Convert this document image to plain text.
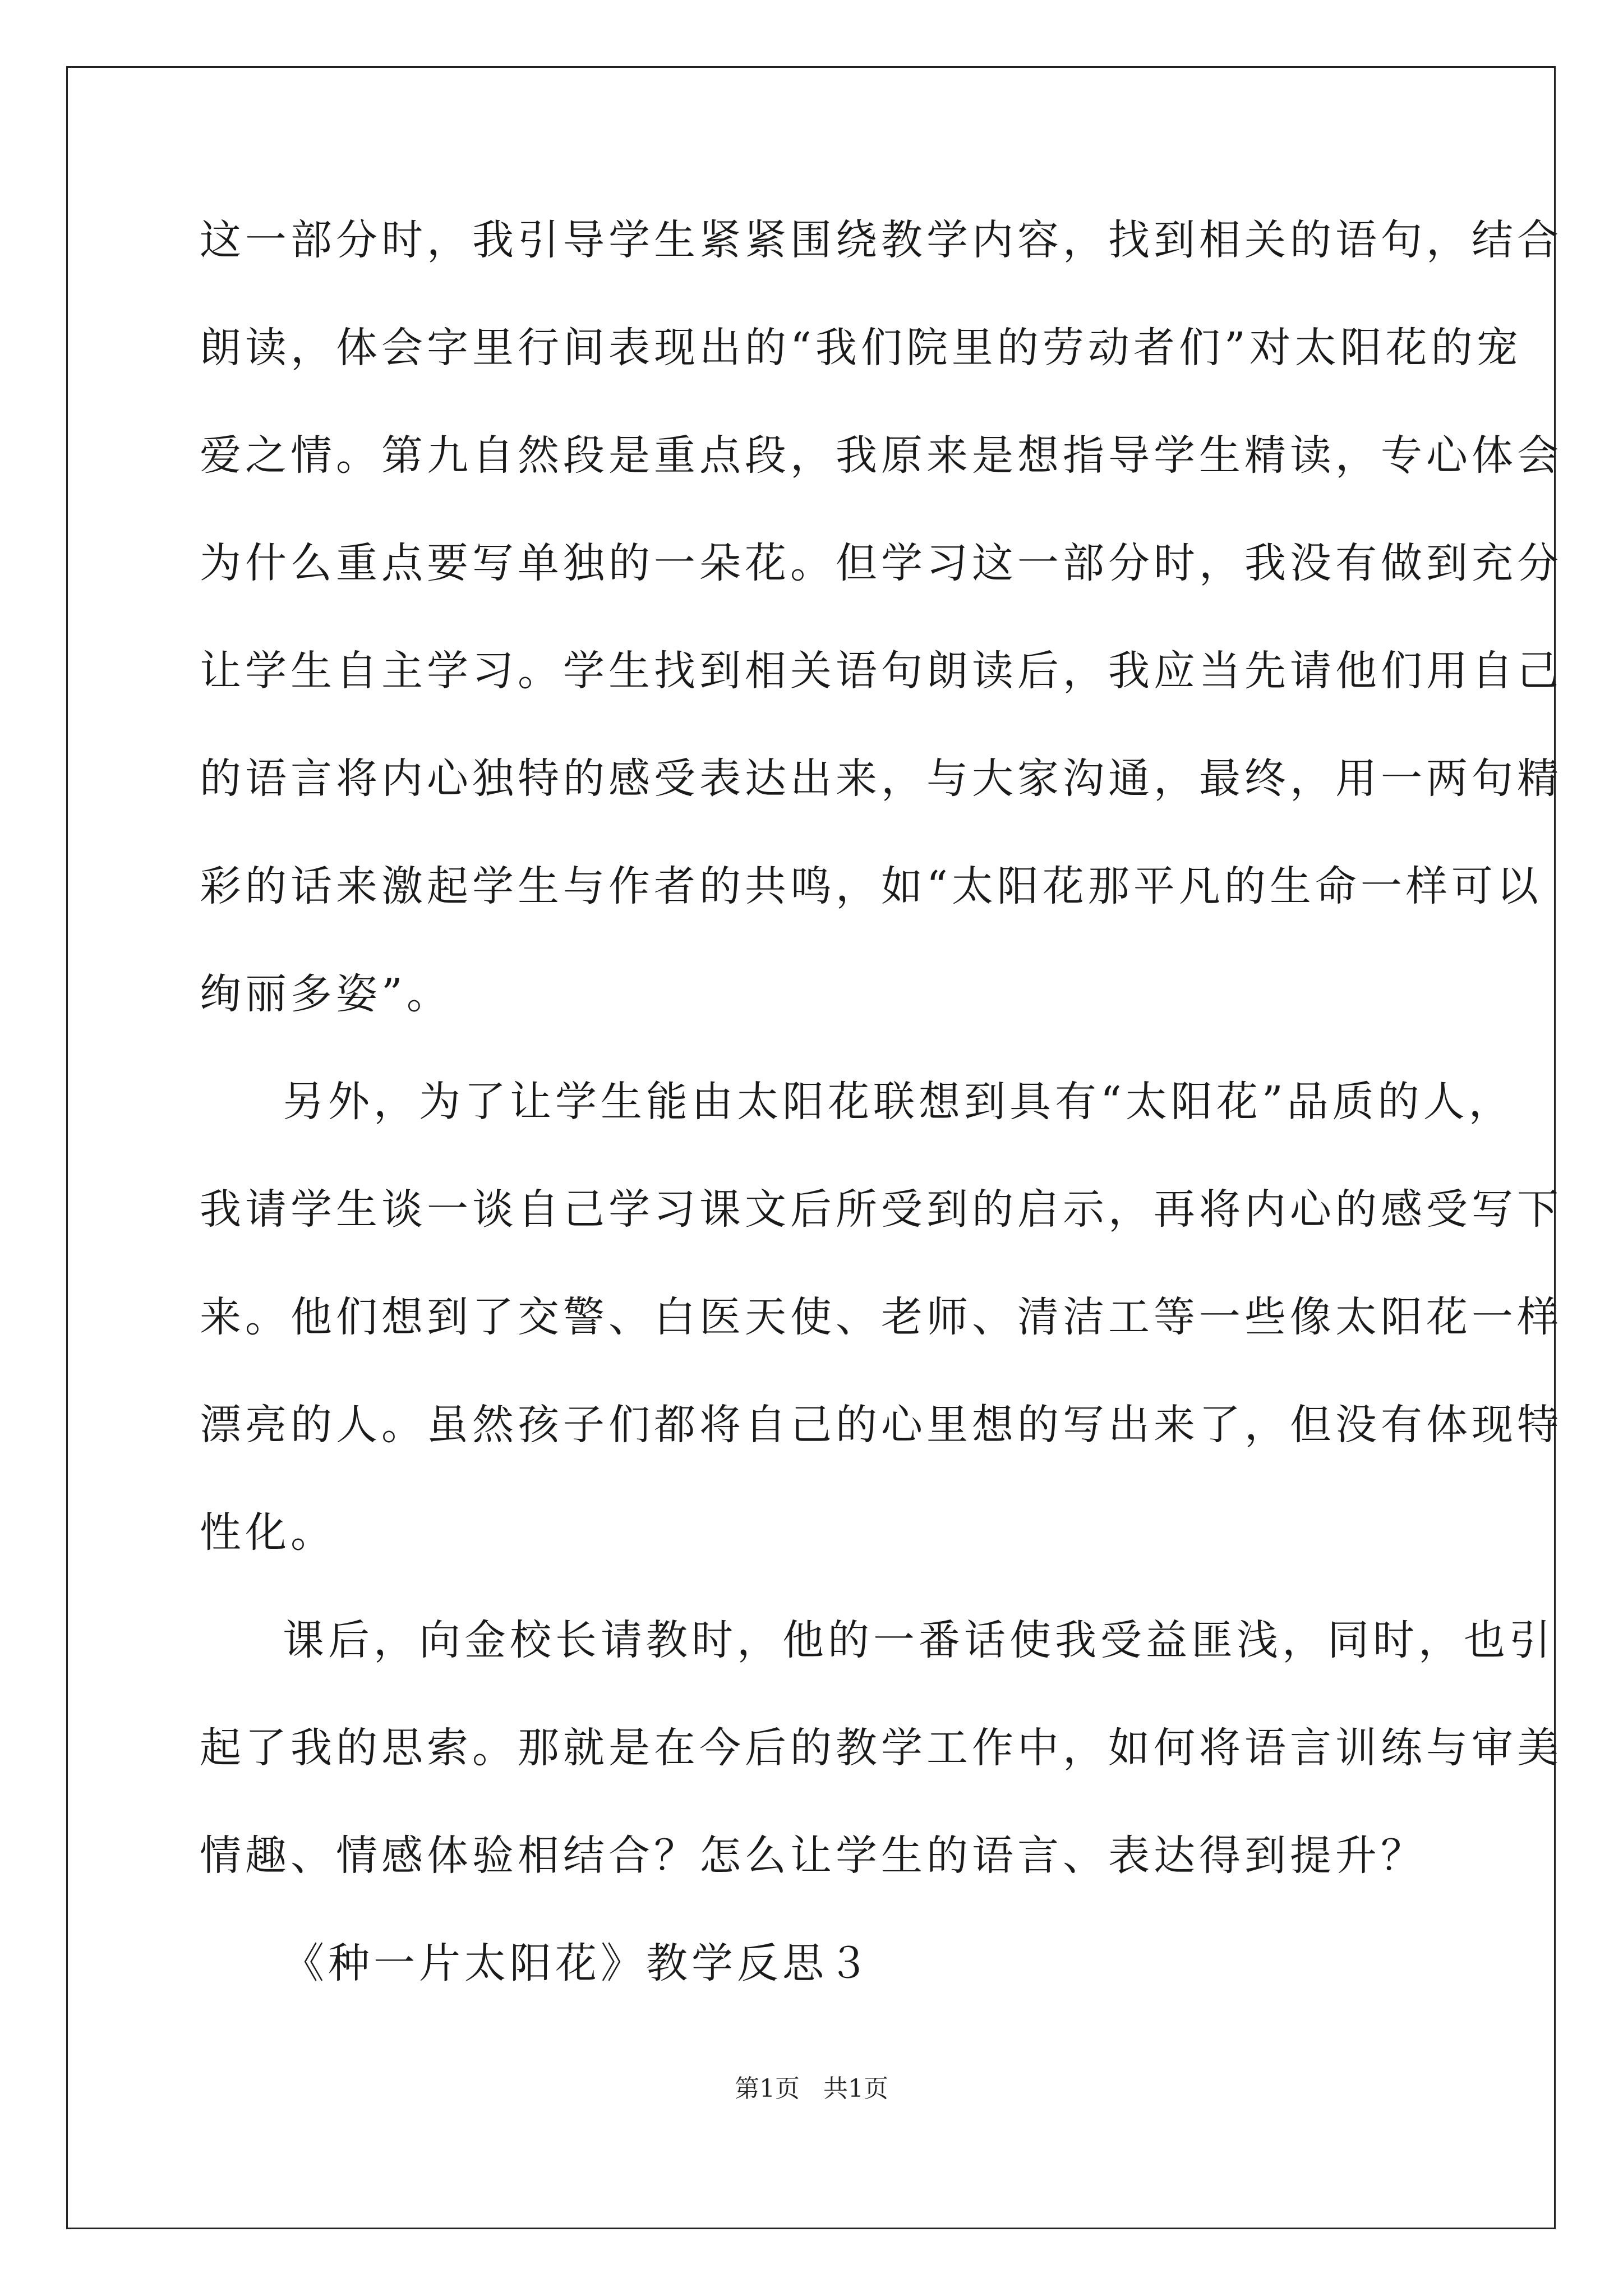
这一部分时，我引导学生紧紧围绕教学内容，找到相关的语句，结合
朗读，体会字里行间表现出的“我们院里的劳动者们”对太阳花的宠
爱之情。第九自然段是重点段，我原来是想指导学生精读，专心体会
为什么重点要写单独的一朵花。但学习这一部分时，我没有做到充分
让学生自主学习。学生找到相关语句朗读后，我应当先请他们用自己
的语言将内心独特的感受表达出来，与大家沟通，最终，用一两句精
彩的话来激起学生与作者的共鸣，如“太阳花那平凡的生命一样可以
绚丽多姿”。
另外，为了让学生能由太阳花联想到具有“太阳花”品质的人，
我请学生谈一谈自己学习课文后所受到的启示，再将内心的感受写下
来。他们想到了交警、白医天使、老师、清洁工等一些像太阳花一样
漂亮的人。虽然孩子们都将自己的心里想的写出来了，但没有体现特
性化。
课后，向金校长请教时，他的一番话使我受益匪浅，同时，也引
起了我的思索。那就是在今后的教学工作中，如何将语言训练与审美
情趣、情感体验相结合？怎么让学生的语言、表达得到提升？
《种一片太阳花》教学反思３
第1页 共1页
